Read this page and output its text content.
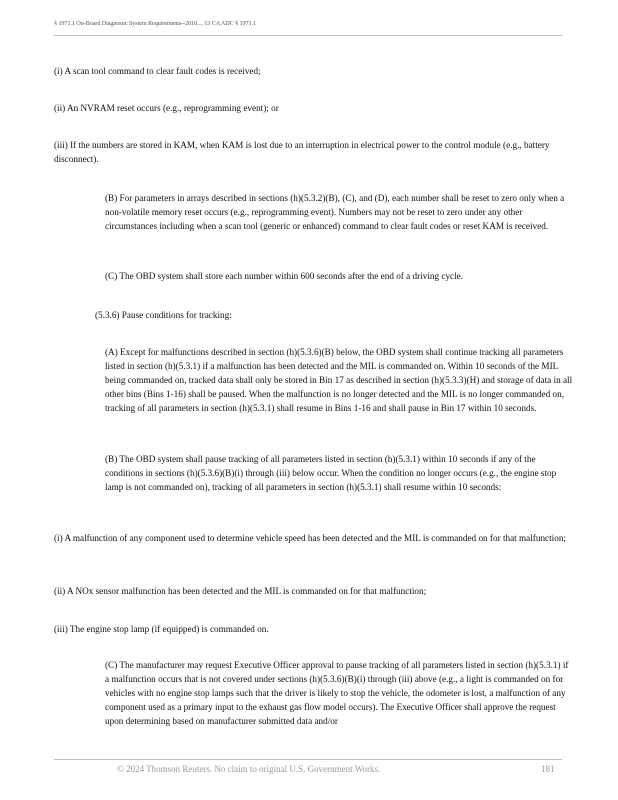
§ 1971.1 On-Board Diagnostic System Requirements--2010..., 13 CA ADC § 1971.1

(i) A scan tool command to clear fault codes is received;

(ii) An NVRAM reset occurs (e.g., reprogramming event); or

(iii) If the numbers are stored in KAM, when KAM is lost due to an interruption in electrical power to the control module (e.g., battery disconnect).

(B) For parameters in arrays described in sections (h)(5.3.2)(B), (C), and (D), each number shall be reset to zero only when a non-volatile memory reset occurs (e.g., reprogramming event). Numbers may not be reset to zero under any other circumstances including when a scan tool (generic or enhanced) command to clear fault codes or reset KAM is received.

(C) The OBD system shall store each number within 600 seconds after the end of a driving cycle.

(5.3.6) Pause conditions for tracking:

(A) Except for malfunctions described in section (h)(5.3.6)(B) below, the OBD system shall continue tracking all parameters listed in section (h)(5.3.1) if a malfunction has been detected and the MIL is commanded on. Within 10 seconds of the MIL being commanded on, tracked data shall only be stored in Bin 17 as described in section (h)(5.3.3)(H) and storage of data in all other bins (Bins 1-16) shall be paused. When the malfunction is no longer detected and the MIL is no longer commanded on, tracking of all parameters in section (h)(5.3.1) shall resume in Bins 1-16 and shall pause in Bin 17 within 10 seconds.

(B) The OBD system shall pause tracking of all parameters listed in section (h)(5.3.1) within 10 seconds if any of the conditions in sections (h)(5.3.6)(B)(i) through (iii) below occur. When the condition no longer occurs (e.g., the engine stop lamp is not commanded on), tracking of all parameters in section (h)(5.3.1) shall resume within 10 seconds:

(i) A malfunction of any component used to determine vehicle speed has been detected and the MIL is commanded on for that malfunction;

(ii) A NOx sensor malfunction has been detected and the MIL is commanded on for that malfunction;

(iii) The engine stop lamp (if equipped) is commanded on.

(C) The manufacturer may request Executive Officer approval to pause tracking of all parameters listed in section (h)(5.3.1) if a malfunction occurs that is not covered under sections (h)(5.3.6)(B)(i) through (iii) above (e.g., a light is commanded on for vehicles with no engine stop lamps such that the driver is likely to stop the vehicle, the odometer is lost, a malfunction of any component used as a primary input to the exhaust gas flow model occurs). The Executive Officer shall approve the request upon determining based on manufacturer submitted data and/or

© 2024 Thomson Reuters. No claim to original U.S. Government Works.	181
